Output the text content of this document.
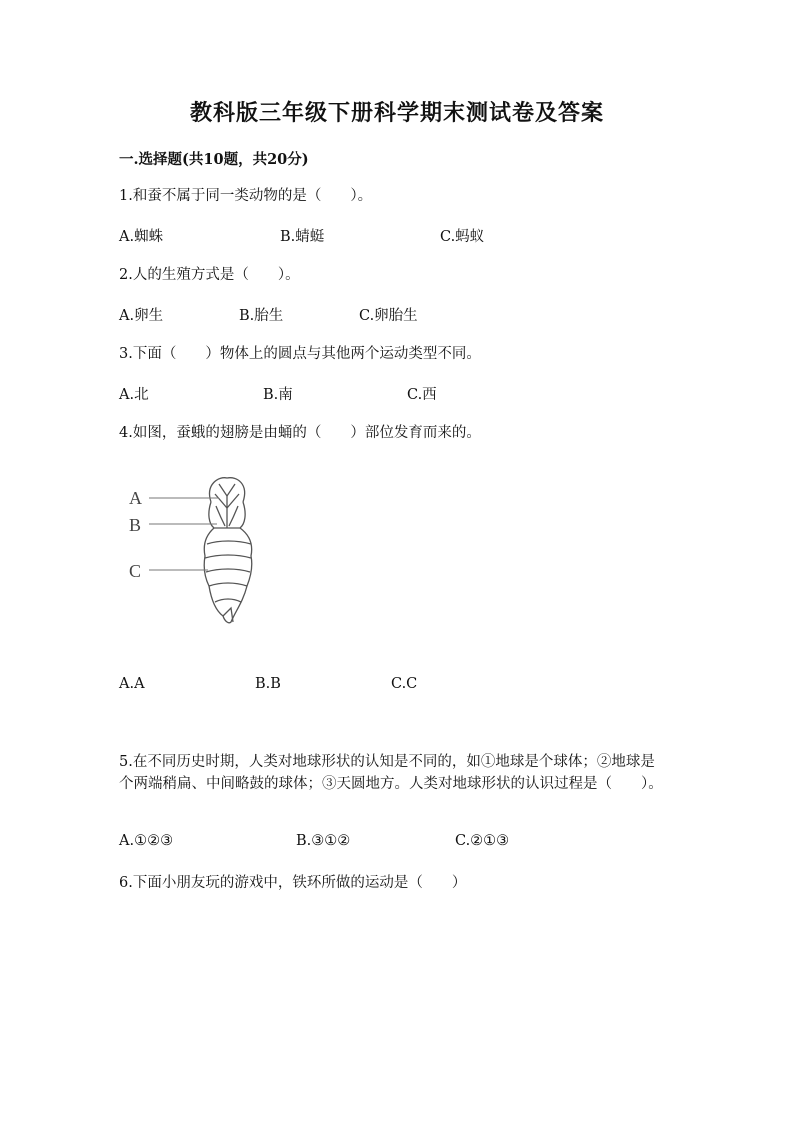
教科版三年级下册科学期末测试卷及答案
一.选择题(共10题，共20分)
1.和蚕不属于同一类动物的是（　　）。
A.蜘蛛	B.蜻蜓	C.蚂蚁
2.人的生殖方式是（　　）。
A.卵生	B.胎生	C.卵胎生
3.下面（　　）物体上的圆点与其他两个运动类型不同。
A.北	B.南	C.西
4.如图，蚕蛾的翅膀是由蛹的（　　）部位发育而来的。
A
B
C
A.A	B.B	C.C
5.在不同历史时期，人类对地球形状的认知是不同的，如①地球是个球体；②地球是个两端稍扁、中间略鼓的球体；③天圆地方。人类对地球形状的认识过程是（　　）。
A.①②③	B.③①②	C.②①③
6.下面小朋友玩的游戏中，铁环所做的运动是（　　）
